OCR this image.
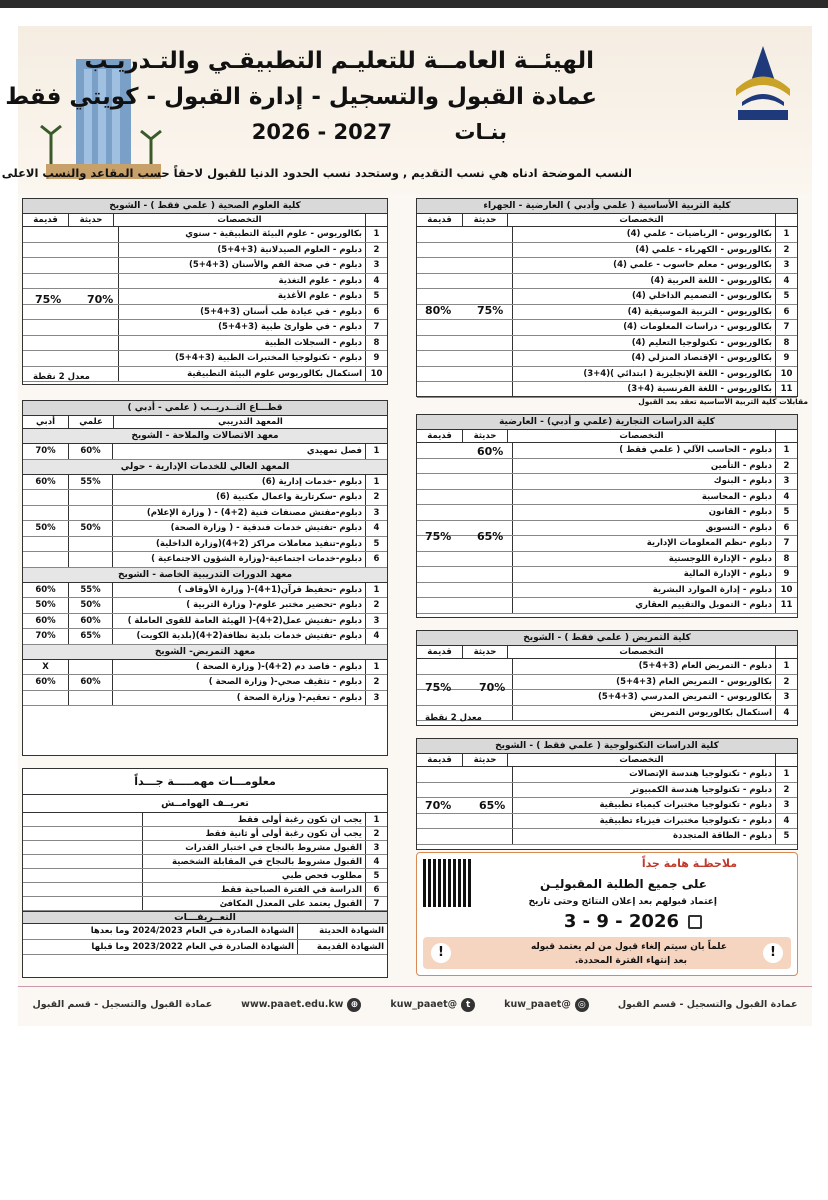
الهيئــة العامــة للتعليـم التطبيقـي والتـدريـب
عمادة القبول والتسجيل - إدارة القبول - كويتي فقط
بنـات
2026 - 2027
النسب الموضحة ادناه هي نسب التقديم , وستحدد نسب الحدود الدنيا للقبول لاحقاً حسب المقاعد والنسب الاعلى
كلية التربية الأساسية ( علمي وأدبي ) العارضية - الجهراء
التخصصات
حديثة
قديمة
1
بكالوريوس - الرياضيات - علمي (4)
2
بكالوريوس - الكهرباء - علمي (4)
3
بكالوريوس - معلم حاسوب - علمي (4)
4
بكالوريوس - اللغة العربية (4)
5
بكالوريوس - التصميم الداخلي (4)
6
بكالوريوس - التربية الموسيقية (4)
7
بكالوريوس - دراسات المعلومات (4)
8
بكالوريوس - تكنولوجيا التعليم (4)
9
بكالوريوس - الإقتصاد المنزلي (4)
10
بكالوريوس - اللغة الإنجليزية ( ابتدائي )(4+3)
11
بكالوريوس - اللغة الفرنسية (4+3)
75%
80%
مقابلات كلية التربية الأساسية تعقد بعد القبول
كلية العلوم الصحية ( علمي فقط ) - الشويخ
التخصصات
حديثة
قديمة
1
بكالوريوس - علوم البيئة التطبيقية - سنوي
2
دبلوم - العلوم الصيدلانية (3+4+5)
3
دبلوم - في صحة الفم والأسنان (3+4+5)
4
دبلوم - علوم التغذية
5
دبلوم - علوم الأغذية
6
دبلوم - في عيادة طب أسنان (3+4+5)
7
دبلوم - في طوارئ طبية (3+4+5)
8
دبلوم - السجلات الطبية
9
دبلوم - تكنولوجيا المختبرات الطبية (3+4+5)
10
استكمال بكالوريوس علوم البيئة التطبيقية
70%
75%
معدل 2 نقطة
قطـــاع التــدريــب ( علمي - أدبي )
المعهد التدريبي
علمي
أدبي
معهد الاتصالات والملاحة - الشويخ
1
فصل تمهيدي
60%
70%
المعهد العالي للخدمات الإدارية - حولي
1
دبلوم -خدمات إدارية (6)
55%
60%
2
دبلوم -سكرتارية واعمال مكتبية (6)
3
دبلوم-مفتش مصنفات فنية (2+4) - ( وزارة الإعلام)
4
دبلوم -تفتيش خدمات فندقية - ( وزارة الصحة)
50%
50%
5
دبلوم-تنفيذ معاملات مراكز (2+4)(وزارة الداخلية)
6
دبلوم-خدمات اجتماعية-(وزارة الشؤون الاجتماعية )
معهد الدورات التدريبية الخاصة - الشويخ
1
دبلوم -تحفيظ قرآن(1+4)-( وزارة الأوقاف )
55%
60%
2
دبلوم -تحضير مختبر علوم-( وزارة التربية )
50%
50%
3
دبلوم -تفتيش عمل(2+4)-( الهيئة العامة للقوى العاملة )
60%
60%
4
دبلوم -تفتيش خدمات بلدية نظافة(2+4)(بلدية الكويت)
65%
70%
معهد التمريض- الشويخ
1
دبلوم - فاصد دم (2+4)-( وزارة الصحة )
X
2
دبلوم - تثقيف صحي-( وزارة الصحة )
60%
60%
3
دبلوم - تعقيم-( وزارة الصحة )
كلية الدراسات التجارية (علمي و أدبي) - العارضية
التخصصات
حديثة
قديمة
1
دبلوم - الحاسب الآلي ( علمي فقط )
2
دبلوم - التأمين
3
دبلوم - البنوك
4
دبلوم - المحاسبة
5
دبلوم - القانون
6
دبلوم - التسويق
7
دبلوم -نظم المعلومات الإدارية
8
دبلوم - الإدارة اللوجستية
9
دبلوم - الإدارة المالية
10
دبلوم - إدارة الموارد البشرية
11
دبلوم - التمويل والتقييم العقاري
60%
65%
75%
كلية التمريض ( علمي فقط ) - الشويخ
التخصصات
حديثة
قديمة
1
دبلوم - التمريض العام (3+4+5)
2
بكالوريوس - التمريض العام (3+4+5)
3
بكالوريوس - التمريض المدرسي (3+4+5)
4
استكمال بكالوريوس التمريض
70%
75%
معدل 2 نقطة
كلية الدراسات التكنولوجية ( علمي فقط ) - الشويخ
التخصصات
حديثة
قديمة
1
دبلوم - تكنولوجيا هندسة الإتصالات
2
دبلوم - تكنولوجيا هندسة الكمبيوتر
3
دبلوم - تكنولوجيا مختبرات كيمياء تطبيقية
4
دبلوم - تكنولوجيا مختبرات فيزياء تطبيقية
5
دبلوم - الطاقة المتجددة
65%
70%
معلومـــات مهمـــــة جـــداً
تعريــف الهوامــش
1
يجب ان تكون رغبة أولى فقط
2
يجب أن تكون رغبة أولى أو ثانية فقط
3
القبول مشروط بالنجاح في اختبار القدرات
4
القبول مشروط بالنجاح في المقابلة الشخصية
5
مطلوب فحص طبي
6
الدراسة في الفترة الصباحية فقط
7
القبول يعتمد على المعدل المكافئ
التعــريفـــات
الشهادة الحديثة
الشهادة الصادرة في العام 2024/2023 وما بعدها
الشهادة القديمة
الشهادة الصادرة في العام 2023/2022 وما قبلها
ملاحظـة هامة جداً
على جميع الطلبة المقبوليـن
إعتماد قبولهم بعد إعلان النتائج وحتى تاريخ
3 - 9 - 2026
!
!	علماً بان سيتم إلغاء قبول من لم يعتمد قبوله
بعد إنتهاء الفترة المحددة.
عمادة القبول والتسجيل - قسم القبول
◎@kuw_paaet
t@kuw_paaet
⊕www.paaet.edu.kw
عمادة القبول والتسجيل - قسم القبول
